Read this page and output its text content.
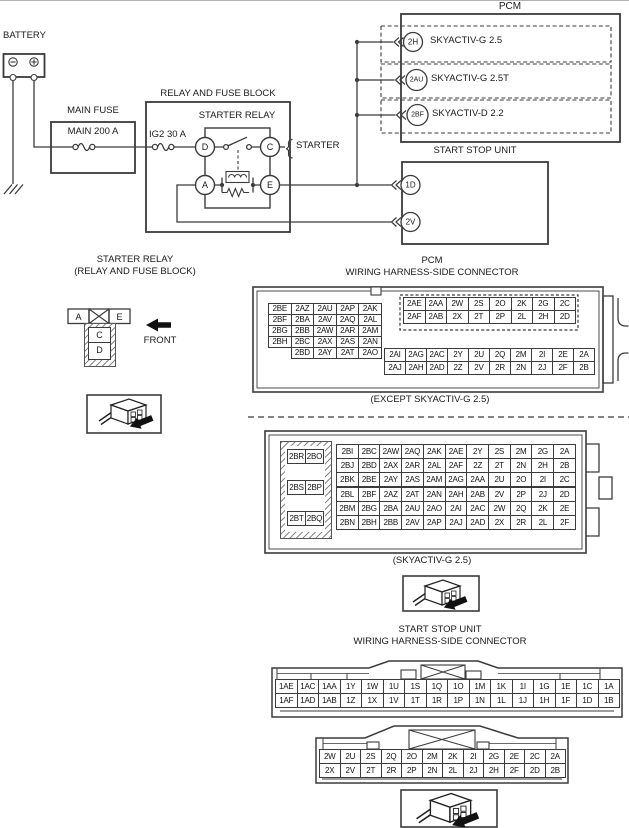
C
D
2BE	2AZ	2AU	2AP	2AK
2BF	2BA	2AV	2AQ	2AL
2BG	2BB	2AW	2AR	2AM
2BH	2BC	2AX	2AS	2AN
	2BD	2AY	2AT	2AO
2AE	2AA	2W	2S	2O	2K	2G	2C
2AF	2AB	2X	2T	2P	2L	2H	2D
2AI	2AG	2AC	2Y	2U	2Q	2M	2I	2E	2A
2AJ	2AH	2AD	2Z	2V	2R	2N	2J	2F	2B
2BR	2BO

2BS	2BP

2BT	2BQ
2BI	2BC	2AW	2AQ	2AK	2AE	2Y	2S	2M	2G	2A
2BJ	2BD	2AX	2AR	2AL	2AF	2Z	2T	2N	2H	2B
2BK	2BE	2AY	2AS	2AM	2AG	2AA	2U	2O	2I	2C
2BL	2BF	2AZ	2AT	2AN	2AH	2AB	2V	2P	2J	2D
2BM	2BG	2BA	2AU	2AO	2AI	2AC	2W	2Q	2K	2E
2BN	2BH	2BB	2AV	2AP	2AJ	2AD	2X	2R	2L	2F
1AE	1AC	1AA	1Y	1W	1U	1S	1Q	1O	1M	1K	1I	1G	1E	1C	1A
1AF	1AD	1AB	1Z	1X	1V	1T	1R	1P	1N	1L	1J	1H	1F	1D	1B
2W	2U	2S	2Q	2O	2M	2K	2I	2G	2E	2C	2A
2X	2V	2T	2R	2P	2N	2L	2J	2H	2F	2D	2B
BATTERY
MAIN FUSE
MAIN 200 A
RELAY AND FUSE BLOCK
STARTER RELAY
IG2 30 A
STARTER
D	C
A	E
PCM
2H
2AU
2BF
SKYACTIV-G 2.5
SKYACTIV-G 2.5T
SKYACTIV-D 2.2
START STOP UNIT
1D
2V
STARTER RELAY
(RELAY AND FUSE BLOCK)
A	E
FRONT
PCM
WIRING HARNESS-SIDE CONNECTOR
(EXCEPT SKYACTIV-G 2.5)
(SKYACTIV-G 2.5)
START STOP UNIT
WIRING HARNESS-SIDE CONNECTOR
